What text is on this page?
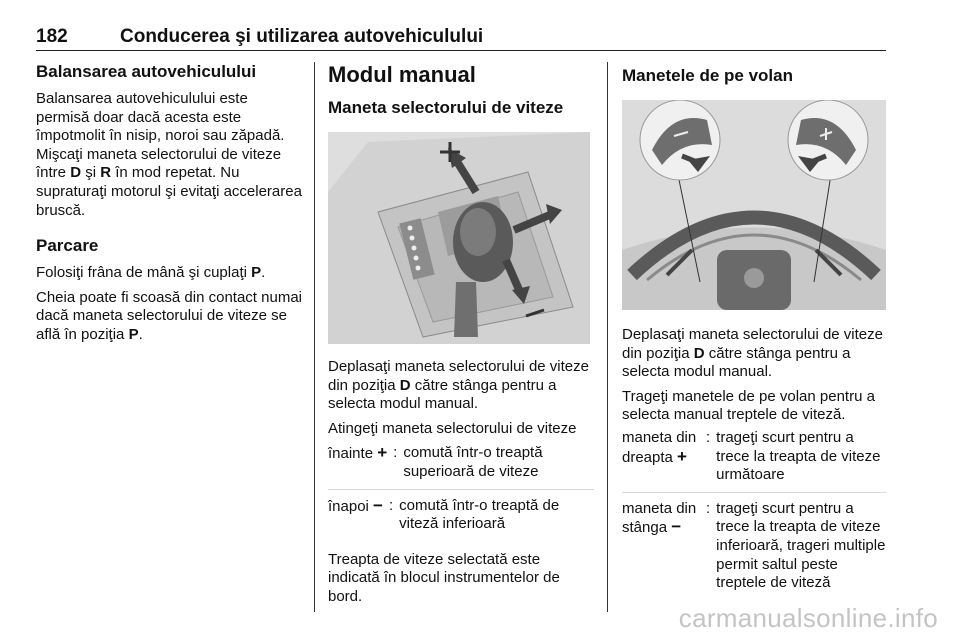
182	Conducerea şi utilizarea autovehiculului
Balansarea autovehiculului

Balansarea autovehiculului este permisă doar dacă acesta este împotmolit în nisip, noroi sau zăpadă. Mişcaţi maneta selectorului de viteze între D şi R în mod repetat. Nu supraturaţi motorul şi evitaţi accelerarea bruscă.

Parcare

Folosiţi frâna de mână şi cuplaţi P.

Cheia poate fi scoasă din contact numai dacă maneta selectorului de viteze se află în poziţia P.

Modul manual
Maneta selectorului de viteze

Deplasaţi maneta selectorului de viteze din poziţia D către stânga pentru a selecta modul manual.

Atingeţi maneta selectorului de viteze

înainte + : comută într-o treaptă superioară de viteze
înapoi − : comută într-o treaptă de viteză inferioară

Treapta de viteze selectată este indicată în blocul instrumentelor de bord.

Manetele de pe volan

Deplasaţi maneta selectorului de viteze din poziţia D către stânga pentru a selecta modul manual.

Trageţi manetele de pe volan pentru a selecta manual treptele de viteză.

maneta din
dreapta +
: trageţi scurt pentru a trece la treapta de viteze următoare
maneta din
stânga −
: trageţi scurt pentru a trece la treapta de viteze inferioară, trageri multiple permit saltul peste treptele de viteză
carmanualsonline.info
